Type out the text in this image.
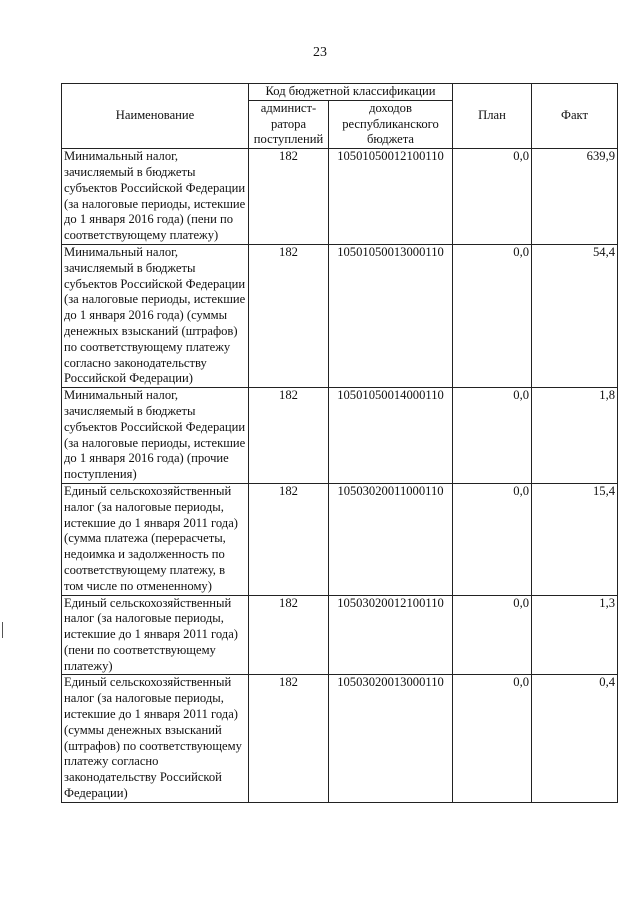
23
Наименование	Код бюджетной классификации		План	Факт
	админист-ратора поступлений	доходов республиканского бюджета		
Минимальный налог, зачисляемый в бюджеты субъектов Российской Федерации (за налоговые периоды, истекшие до 1 января 2016 года) (пени по соответствующему платежу)	182	10501050012100110	0,0	639,9
Минимальный налог, зачисляемый в бюджеты субъектов Российской Федерации (за налоговые периоды, истекшие до 1 января 2016 года) (суммы денежных взысканий (штрафов) по соответствующему платежу согласно законодательству Российской Федерации)	182	10501050013000110	0,0	54,4
Минимальный налог, зачисляемый в бюджеты субъектов Российской Федерации (за налоговые периоды, истекшие до 1 января 2016 года) (прочие поступления)	182	10501050014000110	0,0	1,8
Единый сельскохозяйственный налог (за налоговые периоды, истекшие до 1 января 2011 года) (сумма платежа (перерасчеты, недоимка и задолженность по соответствующему платежу, в том числе по отмененному)	182	10503020011000110	0,0	15,4
Единый сельскохозяйственный налог (за налоговые периоды, истекшие до 1 января 2011 года) (пени по соответствующему платежу)	182	10503020012100110	0,0	1,3
Единый сельскохозяйственный налог (за налоговые периоды, истекшие до 1 января 2011 года) (суммы денежных взысканий (штрафов) по соответствующему платежу согласно законодательству Российской Федерации)	182	10503020013000110	0,0	0,4
